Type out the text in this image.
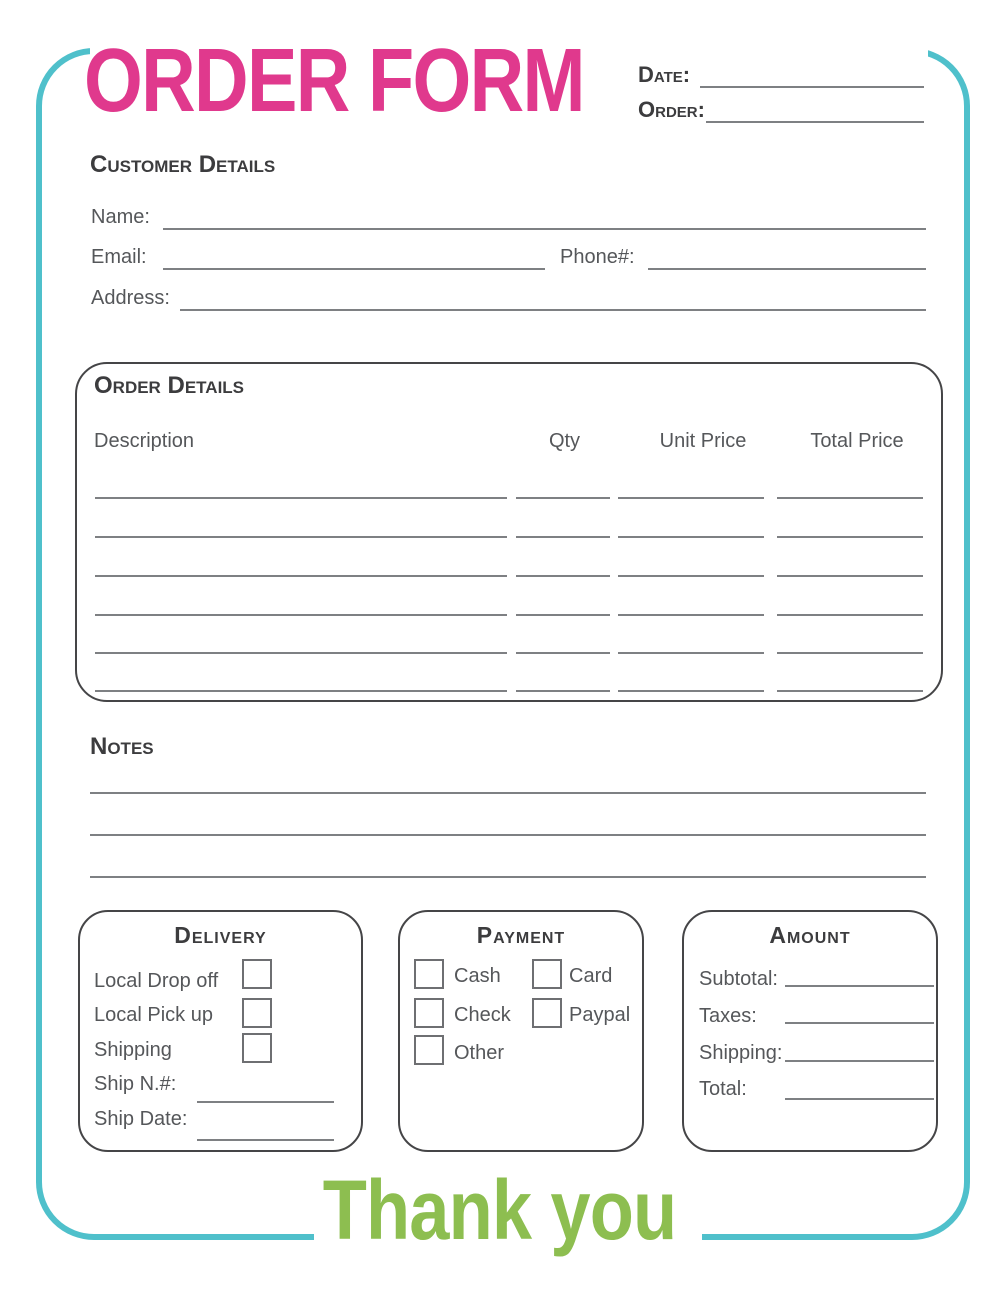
ORDER FORM Date:
Order:
Customer Details
Name:
Email:	Phone#:
Address:
Order Details
Description	Qty	Unit Price	Total Price
Notes
Delivery
Local Drop off
Local Pick up
Shipping
Ship N.#:
Ship Date:
Payment
Cash	Card
Check	Paypal
Other
Amount
Subtotal:
Taxes:
Shipping:
Total:
Thank you
